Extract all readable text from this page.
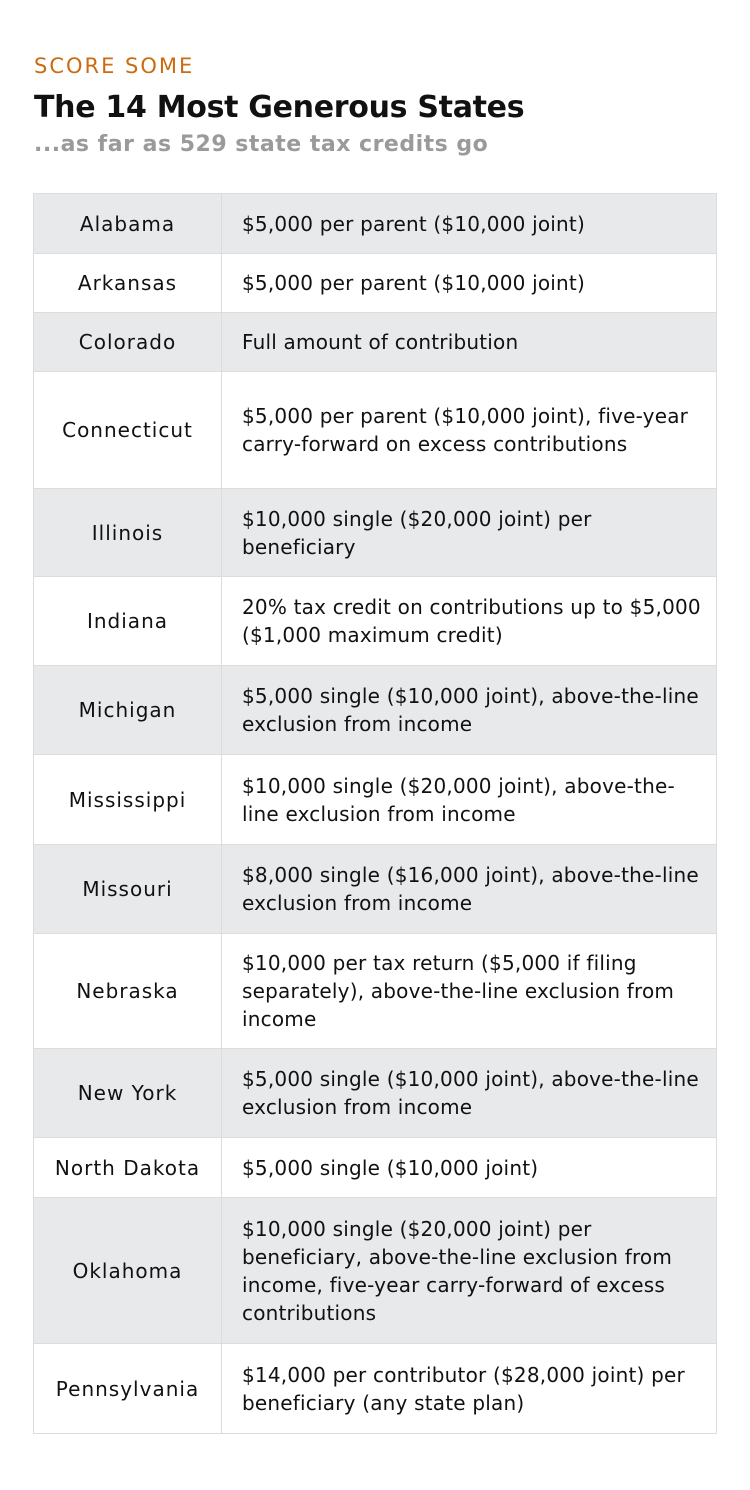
SCORE SOME
The 14 Most Generous States
...as far as 529 state tax credits go
Alabama	$5,000 per parent ($10,000 joint)
Arkansas	$5,000 per parent ($10,000 joint)
Colorado	Full amount of contribution
Connecticut	$5,000 per parent ($10,000 joint), five-year carry-forward on excess contributions
Illinois	$10,000 single ($20,000 joint) per beneficiary
Indiana	20% tax credit on contributions up to $5,000 ($1,000 maximum credit)
Michigan	$5,000 single ($10,000 joint), above-the-line exclusion from income
Mississippi	$10,000 single ($20,000 joint), above-the-line exclusion from income
Missouri	$8,000 single ($16,000 joint), above-the-line exclusion from income
Nebraska	$10,000 per tax return ($5,000 if filing separately), above-the-line exclusion from income
New York	$5,000 single ($10,000 joint), above-the-line exclusion from income
North Dakota	$5,000 single ($10,000 joint)
Oklahoma	$10,000 single ($20,000 joint) per beneficiary, above-the-line exclusion from income, five-year carry-forward of excess contributions
Pennsylvania	$14,000 per contributor ($28,000 joint) per beneficiary (any state plan)
